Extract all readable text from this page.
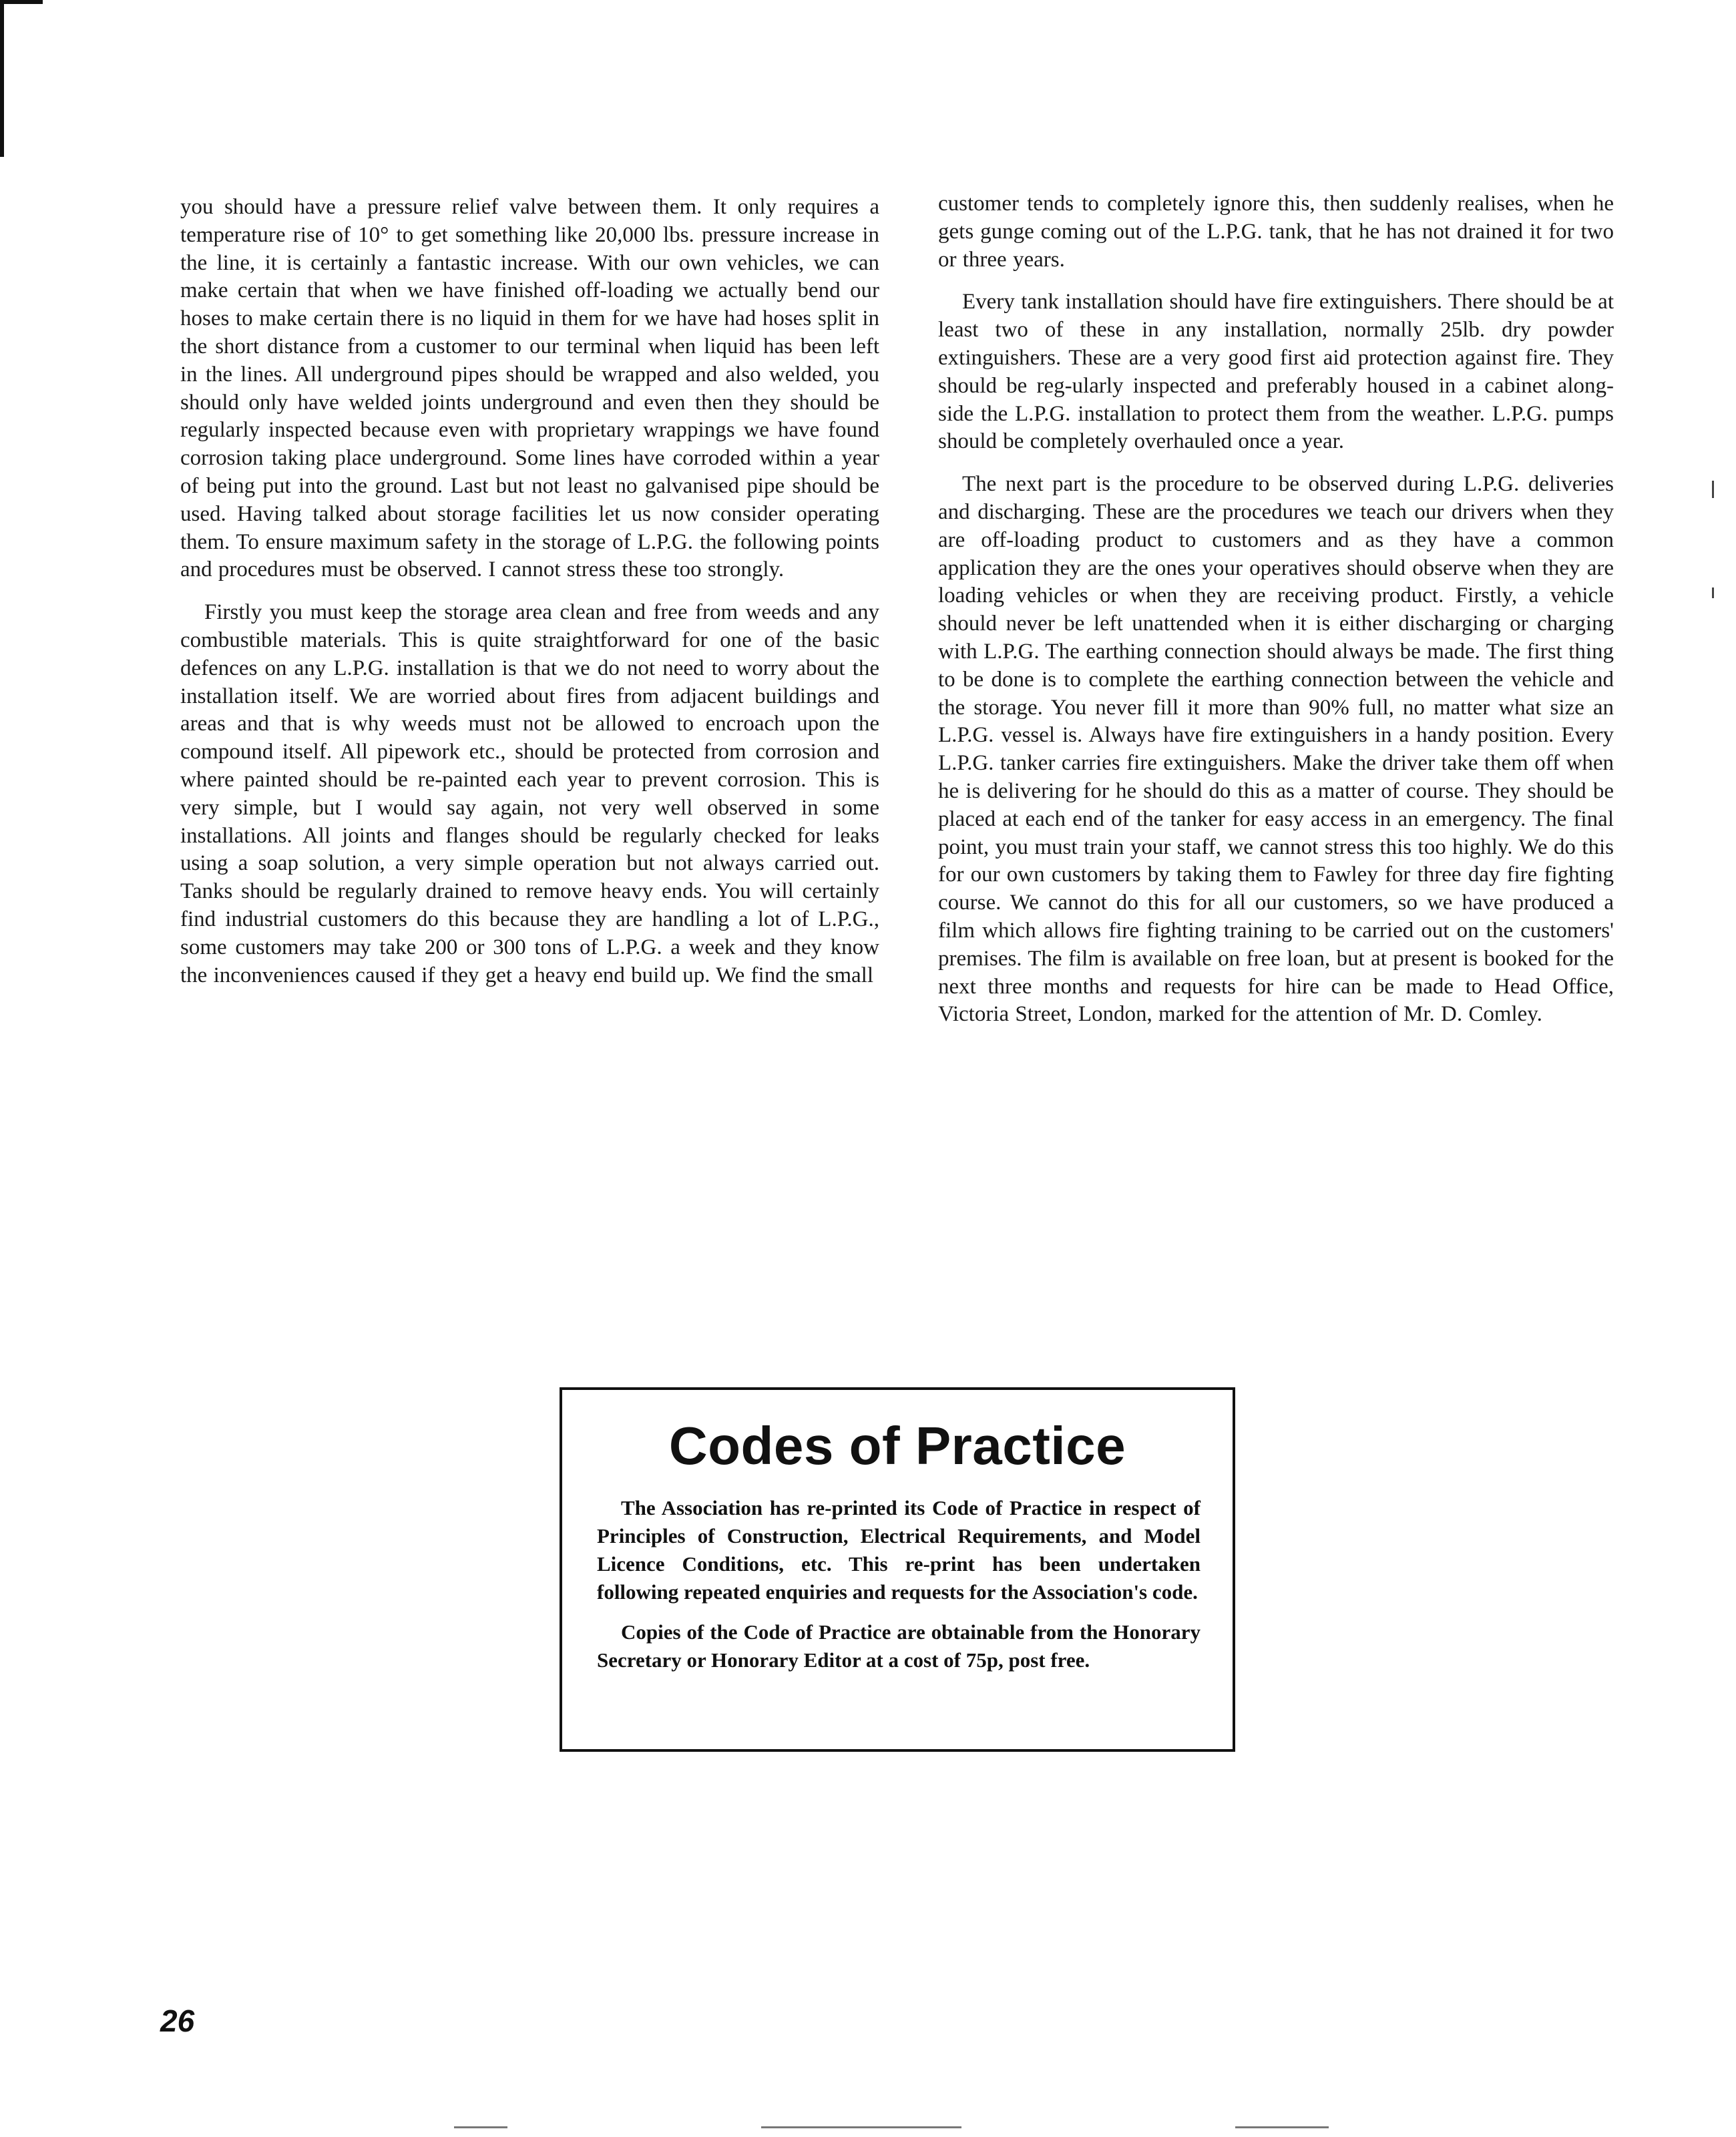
you should have a pressure relief valve between them. It only requires a temperature rise of 10° to get something like 20,000 lbs. pressure increase in the line, it is certainly a fantastic increase. With our own vehicles, we can make certain that when we have finished off-loading we actually bend our hoses to make certain there is no liquid in them for we have had hoses split in the short distance from a customer to our terminal when liquid has been left in the lines. All underground pipes should be wrapped and also welded, you should only have welded joints underground and even then they should be regularly inspected because even with proprietary wrappings we have found corrosion taking place underground. Some lines have corroded within a year of being put into the ground. Last but not least no galvanised pipe should be used. Having talked about storage facilities let us now consider operating them. To ensure maximum safety in the storage of L.P.G. the following points and procedures must be observed. I cannot stress these too strongly.

Firstly you must keep the storage area clean and free from weeds and any combustible materials. This is quite straightforward for one of the basic defences on any L.P.G. installation is that we do not need to worry about the installation itself. We are worried about fires from adjacent buildings and areas and that is why weeds must not be allowed to encroach upon the compound itself. All pipework etc., should be protected from corrosion and where painted should be re-painted each year to prevent corrosion. This is very simple, but I would say again, not very well observed in some installations. All joints and flanges should be regularly checked for leaks using a soap solution, a very simple operation but not always carried out. Tanks should be regularly drained to remove heavy ends. You will certainly find industrial customers do this because they are handling a lot of L.P.G., some customers may take 200 or 300 tons of L.P.G. a week and they know the inconveniences caused if they get a heavy end build up. We find the small

customer tends to completely ignore this, then suddenly realises, when he gets gunge coming out of the L.P.G. tank, that he has not drained it for two or three years.

Every tank installation should have fire extinguishers. There should be at least two of these in any installation, normally 25lb. dry powder extinguishers. These are a very good first aid protection against fire. They should be reg-ularly inspected and preferably housed in a cabinet along-side the L.P.G. installation to protect them from the weather. L.P.G. pumps should be completely overhauled once a year.

The next part is the procedure to be observed during L.P.G. deliveries and discharging. These are the procedures we teach our drivers when they are off-loading product to customers and as they have a common application they are the ones your operatives should observe when they are loading vehicles or when they are receiving product. Firstly, a vehicle should never be left unattended when it is either discharging or charging with L.P.G. The earthing connection should always be made. The first thing to be done is to complete the earthing connection between the vehicle and the storage. You never fill it more than 90% full, no matter what size an L.P.G. vessel is. Always have fire extinguishers in a handy position. Every L.P.G. tanker carries fire extinguishers. Make the driver take them off when he is delivering for he should do this as a matter of course. They should be placed at each end of the tanker for easy access in an emergency. The final point, you must train your staff, we cannot stress this too highly. We do this for our own customers by taking them to Fawley for three day fire fighting course. We cannot do this for all our customers, so we have produced a film which allows fire fighting training to be carried out on the customers' premises. The film is available on free loan, but at present is booked for the next three months and requests for hire can be made to Head Office, Victoria Street, London, marked for the attention of Mr. D. Comley.

Codes of Practice

The Association has re-printed its Code of Practice in respect of Principles of Construction, Electrical Requirements, and Model Licence Conditions, etc. This re-print has been undertaken following repeated enquiries and requests for the Association's code.

Copies of the Code of Practice are obtainable from the Honorary Secretary or Honorary Editor at a cost of 75p, post free.

26
